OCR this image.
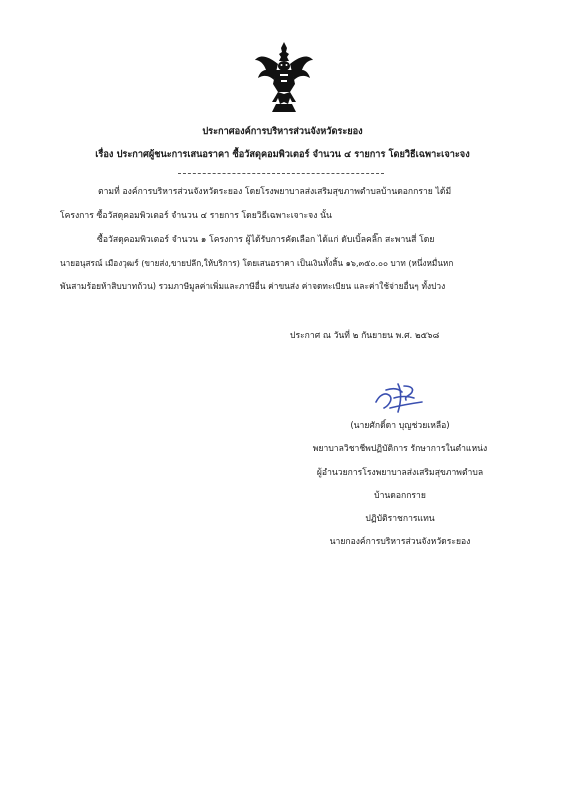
ประกาศองค์การบริหารส่วนจังหวัดระยอง
เรื่อง ประกาศผู้ชนะการเสนอราคา ซื้อวัสดุคอมพิวเตอร์ จำนวน ๔ รายการ โดยวิธีเฉพาะเจาะจง
ตามที่ องค์การบริหารส่วนจังหวัดระยอง โดยโรงพยาบาลส่งเสริมสุขภาพตำบลบ้านดอกกราย ได้มี
โครงการ ซื้อวัสดุคอมพิวเตอร์ จำนวน ๔ รายการ โดยวิธีเฉพาะเจาะจง นั้น
ซื้อวัสดุคอมพิวเตอร์ จำนวน ๑ โครงการ ผู้ได้รับการคัดเลือก ได้แก่ ดับเบิ้ลคลิ๊ก สะพานสี่ โดย
นายอนุสรณ์ เมืองวุฒร์ (ขายส่ง,ขายปลีก,ให้บริการ) โดยเสนอราคา เป็นเงินทั้งสิ้น ๑๖,๓๕๐.๐๐ บาท (หนึ่งหมื่นหก
พันสามร้อยห้าสิบบาทถ้วน) รวมภาษีมูลค่าเพิ่มและภาษีอื่น ค่าขนส่ง ค่าจดทะเบียน และค่าใช้จ่ายอื่นๆ ทั้งปวง
ประกาศ ณ วันที่ ๒ กันยายน พ.ศ. ๒๕๖๘
(นายศักดิ์ดา บุญช่วยเหลือ)
พยาบาลวิชาชีพปฏิบัติการ รักษาการในตำแหน่ง
ผู้อำนวยการโรงพยาบาลส่งเสริมสุขภาพตำบล
บ้านดอกกราย
ปฏิบัติราชการแทน
นายกองค์การบริหารส่วนจังหวัดระยอง
